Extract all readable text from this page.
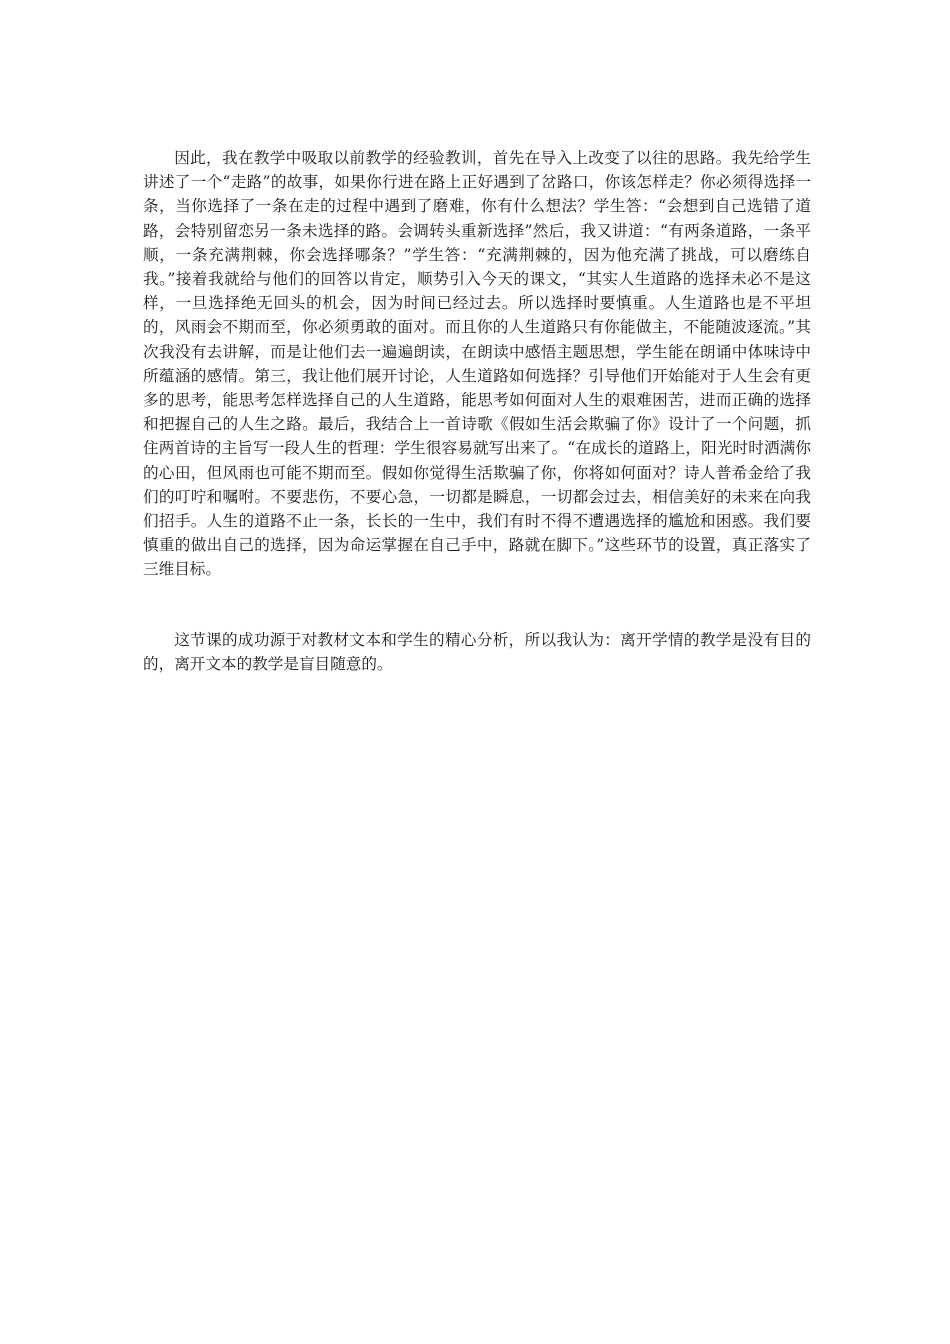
因此，我在教学中吸取以前教学的经验教训，首先在导入上改变了以往的思路。我先给学生讲述了一个“走路”的故事，如果你行进在路上正好遇到了岔路口，你该怎样走？你必须得选择一条，当你选择了一条在走的过程中遇到了磨难，你有什么想法？学生答：“会想到自己选错了道路，会特别留恋另一条未选择的路。会调转头重新选择”然后，我又讲道：“有两条道路，一条平顺，一条充满荆棘，你会选择哪条？”学生答：“充满荆棘的，因为他充满了挑战，可以磨练自我。”接着我就给与他们的回答以肯定，顺势引入今天的课文，“其实人生道路的选择未必不是这样，一旦选择绝无回头的机会，因为时间已经过去。所以选择时要慎重。人生道路也是不平坦的，风雨会不期而至，你必须勇敢的面对。而且你的人生道路只有你能做主，不能随波逐流。”其次我没有去讲解，而是让他们去一遍遍朗读，在朗读中感悟主题思想，学生能在朗诵中体味诗中所蕴涵的感情。第三，我让他们展开讨论，人生道路如何选择？引导他们开始能对于人生会有更多的思考，能思考怎样选择自己的人生道路，能思考如何面对人生的艰难困苦，进而正确的选择和把握自己的人生之路。最后，我结合上一首诗歌《假如生活会欺骗了你》设计了一个问题，抓住两首诗的主旨写一段人生的哲理：学生很容易就写出来了。“在成长的道路上，阳光时时洒满你的心田，但风雨也可能不期而至。假如你觉得生活欺骗了你，你将如何面对？诗人普希金给了我们的叮咛和嘱咐。不要悲伤，不要心急，一切都是瞬息，一切都会过去，相信美好的未来在向我们招手。人生的道路不止一条，长长的一生中，我们有时不得不遭遇选择的尴尬和困惑。我们要慎重的做出自己的选择，因为命运掌握在自己手中，路就在脚下。”这些环节的设置，真正落实了三维目标。

这节课的成功源于对教材文本和学生的精心分析，所以我认为：离开学情的教学是没有目的的，离开文本的教学是盲目随意的。
